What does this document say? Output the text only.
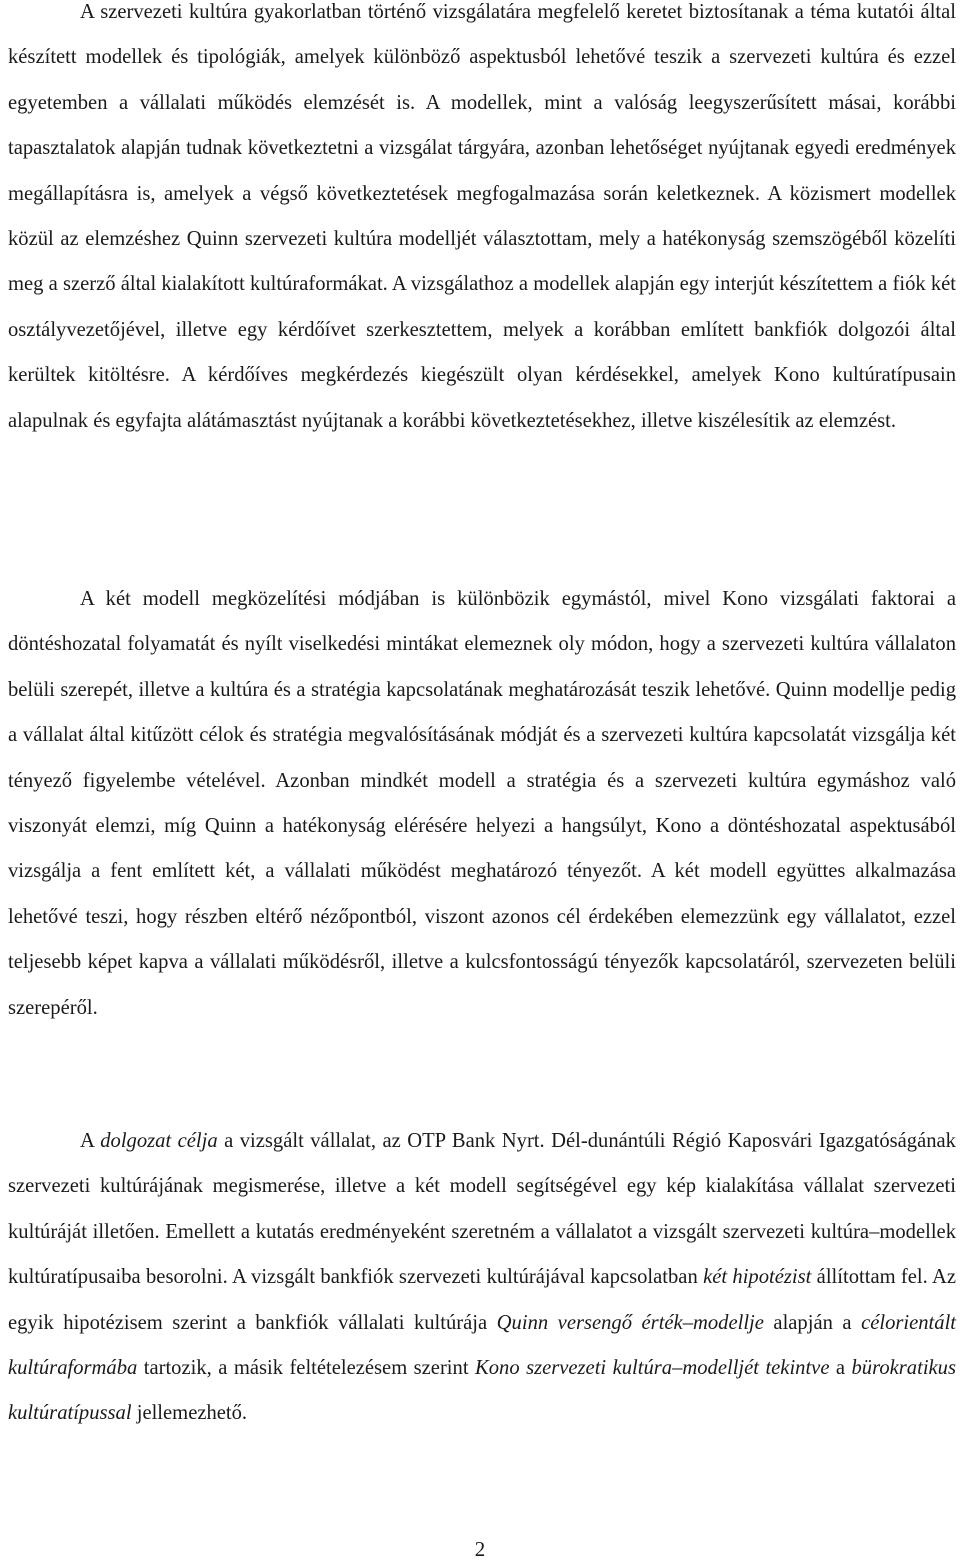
A szervezeti kultúra gyakorlatban történő vizsgálatára megfelelő keretet biztosítanak a téma kutatói által készített modellek és tipológiák, amelyek különböző aspektusból lehetővé teszik a szervezeti kultúra és ezzel egyetemben a vállalati működés elemzését is. A modellek, mint a valóság leegyszerűsített másai, korábbi tapasztalatok alapján tudnak következtetni a vizsgálat tárgyára, azonban lehetőséget nyújtanak egyedi eredmények megállapításra is, amelyek a végső következtetések megfogalmazása során keletkeznek. A közismert modellek közül az elemzéshez Quinn szervezeti kultúra modelljét választottam, mely a hatékonyság szemszögéből közelíti meg a szerző által kialakított kultúraformákat. A vizsgálathoz a modellek alapján egy interjút készítettem a fiók két osztályvezetőjével, illetve egy kérdőívet szerkesztettem, melyek a korábban említett bankfiók dolgozói által kerültek kitöltésre. A kérdőíves megkérdezés kiegészült olyan kérdésekkel, amelyek Kono kultúratípusain alapulnak és egyfajta alátámasztást nyújtanak a korábbi következtetésekhez, illetve kiszélesítik az elemzést.

A két modell megközelítési módjában is különbözik egymástól, mivel Kono vizsgálati faktorai a döntéshozatal folyamatát és nyílt viselkedési mintákat elemeznek oly módon, hogy a szervezeti kultúra vállalaton belüli szerepét, illetve a kultúra és a stratégia kapcsolatának meghatározását teszik lehetővé. Quinn modellje pedig a vállalat által kitűzött célok és stratégia megvalósításának módját és a szervezeti kultúra kapcsolatát vizsgálja két tényező figyelembe vételével. Azonban mindkét modell a stratégia és a szervezeti kultúra egymáshoz való viszonyát elemzi, míg Quinn a hatékonyság elérésére helyezi a hangsúlyt, Kono a döntéshozatal aspektusából vizsgálja a fent említett két, a vállalati működést meghatározó tényezőt. A két modell együttes alkalmazása lehetővé teszi, hogy részben eltérő nézőpontból, viszont azonos cél érdekében elemezzünk egy vállalatot, ezzel teljesebb képet kapva a vállalati működésről, illetve a kulcsfontosságú tényezők kapcsolatáról, szervezeten belüli szerepéről.

A dolgozat célja a vizsgált vállalat, az OTP Bank Nyrt. Dél-dunántúli Régió Kaposvári Igazgatóságának szervezeti kultúrájának megismerése, illetve a két modell segítségével egy kép kialakítása vállalat szervezeti kultúráját illetően. Emellett a kutatás eredményeként szeretném a vállalatot a vizsgált szervezeti kultúra–modellek kultúratípusaiba besorolni. A vizsgált bankfiók szervezeti kultúrájával kapcsolatban két hipotézist állítottam fel. Az egyik hipotézisem szerint a bankfiók vállalati kultúrája Quinn versengő érték–modellje alapján a célorientált kultúraformába tartozik, a másik feltételezésem szerint Kono szervezeti kultúra–modelljét tekintve a bürokratikus kultúratípussal jellemezhető.

2
